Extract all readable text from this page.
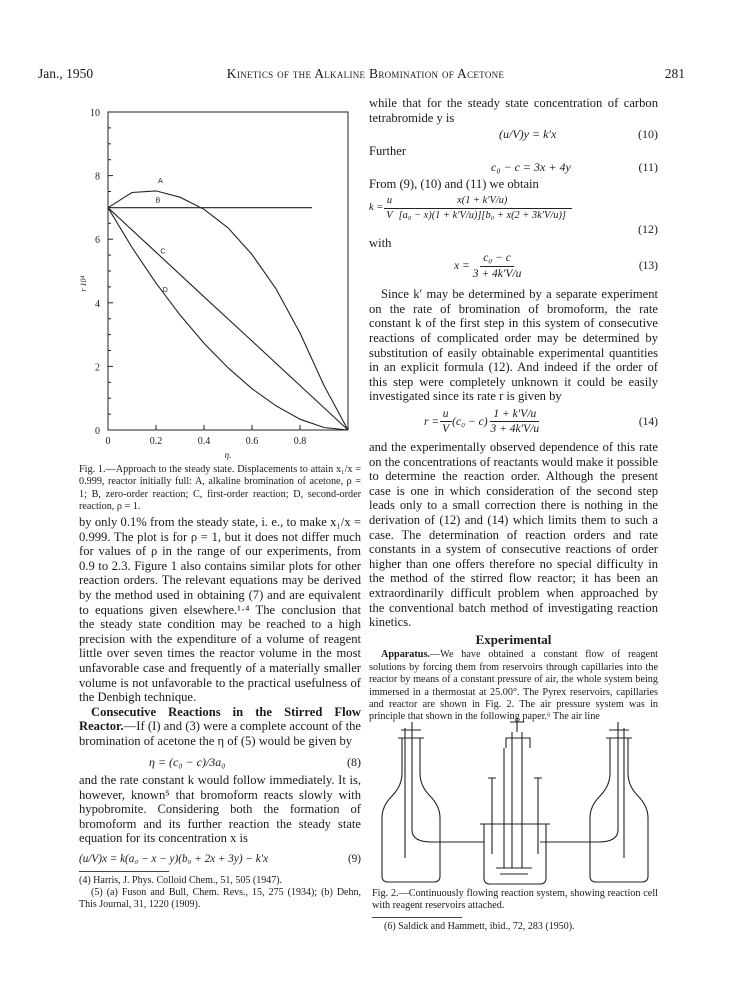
Jan., 1950	Kinetics of the Alkaline Bromination of Acetone	281
0
2
4
6
8
10
0	0.2	0.4	0.6	0.8
η.
r 10⁴
A
B
C
D
Fig. 1.—Approach to the steady state. Displacements to attain x₁/x = 0.999, reactor initially full: A, alkaline bromination of acetone, ρ = 1; B, zero-order reaction; C, first-order reaction; D, second-order reaction, ρ = 1.

by only 0.1% from the steady state, i. e., to make x₁/x = 0.999. The plot is for ρ = 1, but it does not differ much for values of ρ in the range of our experiments, from 0.9 to 2.3. Figure 1 also contains similar plots for other reaction orders. The relevant equations may be derived by the method used in obtaining (7) and are equivalent to equations given elsewhere.¹·⁴ The conclusion that the steady state condition may be reached to a high precision with the expenditure of a volume of reagent little over seven times the reactor volume in the most unfavorable case and frequently of a materially smaller volume is not unfavorable to the practical usefulness of the Denbigh technique.

Consecutive Reactions in the Stirred Flow Reactor.—If (I) and (3) were a complete account of the bromination of acetone the η of (5) would be given by

η = (c₀ − c)/3a₀	(8)

and the rate constant k would follow immediately. It is, however, known⁵ that bromoform reacts slowly with hypobromite. Considering both the formation of bromoform and its further reaction the steady state equation for its concentration x is

(u/V)x = k(a₀ − x − y)(b₀ + 2x + 3y) − k′x	(9)
(4) Harris, J. Phys. Colloid Chem., 51, 505 (1947).
(5) (a) Fuson and Bull, Chem. Revs., 15, 275 (1934); (b) Dehn, This Journal, 31, 1220 (1909).

while that for the steady state concentration of carbon tetrabromide y is

(u/V)y = k′x	(10)

Further

c₀ − c = 3x + 4y	(11)

From (9), (10) and (11) we obtain

$k = \frac{u}{V} \frac{x(1 + k'V/u)}{\text{[a₀ − x)(1 + k′V/u)][b₀ + x(2 + 3k′V/u)]}}$
(12)

with

$x = \frac{\text{c₀ − c}}{3 + 4k'V/u}$	(13)

Since k′ may be determined by a separate experiment on the rate of bromination of bromoform, the rate constant k of the first step in this system of consecutive reactions of complicated order may be determined by substitution of easily obtainable experimental quantities in an explicit formula (12). And indeed if the order of this step were completely unknown it could be easily investigated since its rate r is given by

$r = \frac{u}{V} (c_0 - c) \frac{1 + k'V/u}{3 + 4k'V/u}$	(14)

and the experimentally observed dependence of this rate on the concentrations of reactants would make it possible to determine the reaction order. Although the present case is one in which consideration of the second step leads only to a small correction there is nothing in the derivation of (12) and (14) which limits them to such a case. The determination of reaction orders and rate constants in a system of consecutive reactions of order higher than one offers therefore no special difficulty in the method of the stirred flow reactor; it has been an extraordinarily difficult problem when approached by the conventional batch method of investigating reaction kinetics.

Experimental
Apparatus.—We have obtained a constant flow of reagent solutions by forcing them from reservoirs through capillaries into the reactor by means of a constant pressure of air, the whole system being immersed in a thermostat at 25.00°. The Pyrex reservoirs, capillaries and reactor are shown in Fig. 2. The air pressure system was in principle that shown in the following paper.⁶ The air line
Fig. 2.—Continuously flowing reaction system, showing reaction cell with reagent reservoirs attached.
(6) Saldick and Hammett, ibid., 72, 283 (1950).
